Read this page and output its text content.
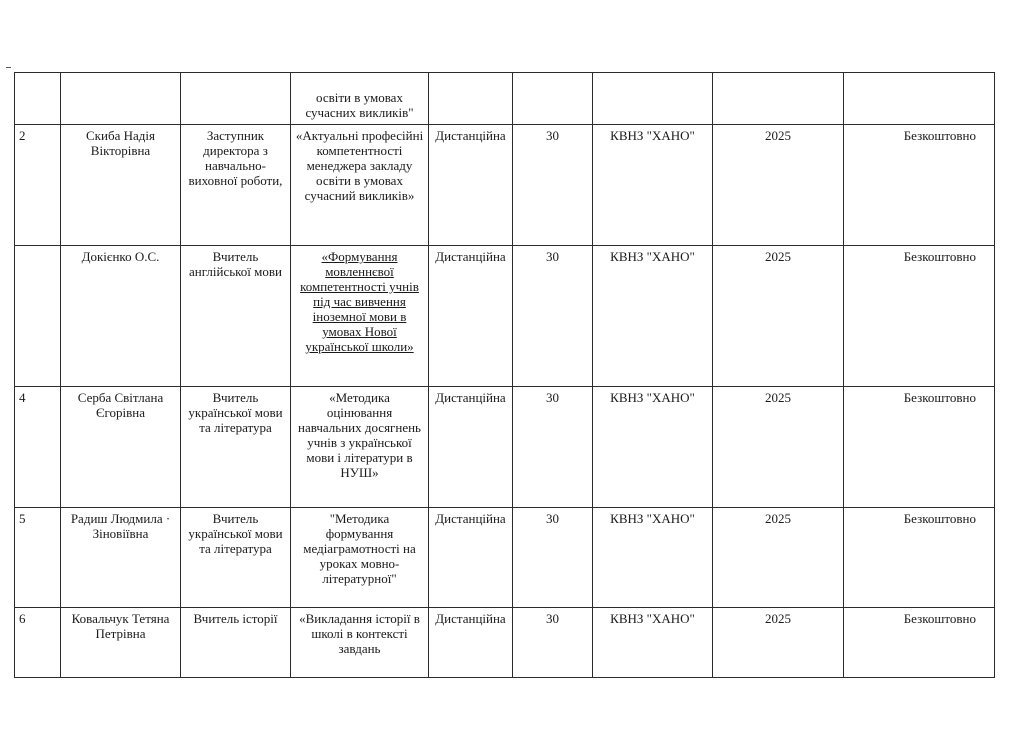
			освіти в умовах сучасних викликів"					
2	Скиба Надія Вікторівна	Заступник директора з навчально-виховної роботи,	«Актуальні професійні компетентності менеджера закладу освіти в умовах сучасний викликів»	Дистанційна	30	КВНЗ "ХАНО"	2025	Безкоштовно
	Докієнко О.С.	Вчитель англійської мови	«Формування мовленнєвої компетентності учнів під час вивчення іноземної мови в умовах Нової української школи»	Дистанційна	30	КВНЗ "ХАНО"	2025	Безкоштовно
4	Серба Світлана Єгорівна	Вчитель української мови та література	«Методика оцінювання навчальних досягнень учнів з української мови і літератури в НУШ»	Дистанційна	30	КВНЗ "ХАНО"	2025	Безкоштовно
5	Радиш Людмила · Зіновіївна	Вчитель української мови та література	"Методика формування медіаграмотності на уроках мовно-літературної"	Дистанційна	30	КВНЗ "ХАНО"	2025	Безкоштовно
6	Ковальчук Тетяна Петрівна	Вчитель історії	«Викладання історії в школі в контексті завдань	Дистанційна	30	КВНЗ "ХАНО"	2025	Безкоштовно
